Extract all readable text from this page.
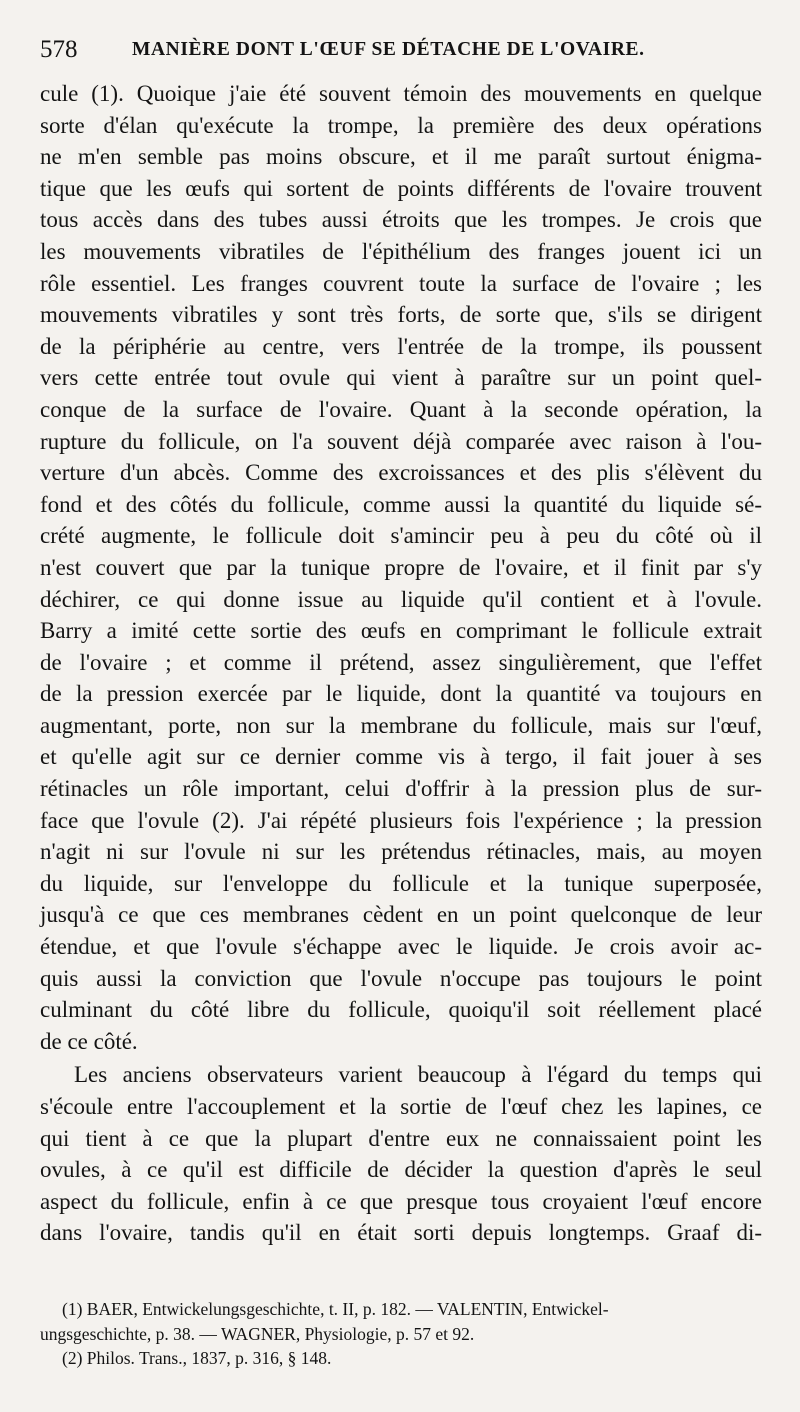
578	MANIÈRE DONT L'ŒUF SE DÉTACHE DE L'OVAIRE.
cule (1). Quoique j'aie été souvent témoin des mouvements en quelque
sorte d'élan qu'exécute la trompe, la première des deux opérations
ne m'en semble pas moins obscure, et il me paraît surtout énigma-
tique que les œufs qui sortent de points différents de l'ovaire trouvent
tous accès dans des tubes aussi étroits que les trompes. Je crois que
les mouvements vibratiles de l'épithélium des franges jouent ici un
rôle essentiel. Les franges couvrent toute la surface de l'ovaire ; les
mouvements vibratiles y sont très forts, de sorte que, s'ils se dirigent
de la périphérie au centre, vers l'entrée de la trompe, ils poussent
vers cette entrée tout ovule qui vient à paraître sur un point quel-
conque de la surface de l'ovaire. Quant à la seconde opération, la
rupture du follicule, on l'a souvent déjà comparée avec raison à l'ou-
verture d'un abcès. Comme des excroissances et des plis s'élèvent du
fond et des côtés du follicule, comme aussi la quantité du liquide sé-
crété augmente, le follicule doit s'amincir peu à peu du côté où il
n'est couvert que par la tunique propre de l'ovaire, et il finit par s'y
déchirer, ce qui donne issue au liquide qu'il contient et à l'ovule.
Barry a imité cette sortie des œufs en comprimant le follicule extrait
de l'ovaire ; et comme il prétend, assez singulièrement, que l'effet
de la pression exercée par le liquide, dont la quantité va toujours en
augmentant, porte, non sur la membrane du follicule, mais sur l'œuf,
et qu'elle agit sur ce dernier comme vis à tergo, il fait jouer à ses
rétinacles un rôle important, celui d'offrir à la pression plus de sur-
face que l'ovule (2). J'ai répété plusieurs fois l'expérience ; la pression
n'agit ni sur l'ovule ni sur les prétendus rétinacles, mais, au moyen
du liquide, sur l'enveloppe du follicule et la tunique superposée,
jusqu'à ce que ces membranes cèdent en un point quelconque de leur
étendue, et que l'ovule s'échappe avec le liquide. Je crois avoir ac-
quis aussi la conviction que l'ovule n'occupe pas toujours le point
culminant du côté libre du follicule, quoiqu'il soit réellement placé
de ce côté.
Les anciens observateurs varient beaucoup à l'égard du temps qui
s'écoule entre l'accouplement et la sortie de l'œuf chez les lapines, ce
qui tient à ce que la plupart d'entre eux ne connaissaient point les
ovules, à ce qu'il est difficile de décider la question d'après le seul
aspect du follicule, enfin à ce que presque tous croyaient l'œuf encore
dans l'ovaire, tandis qu'il en était sorti depuis longtemps. Graaf di-
(1) BAER, Entwickelungsgeschichte, t. II, p. 182. — VALENTIN, Entwickel-
ungsgeschichte, p. 38. — WAGNER, Physiologie, p. 57 et 92.
(2) Philos. Trans., 1837, p. 316, § 148.
